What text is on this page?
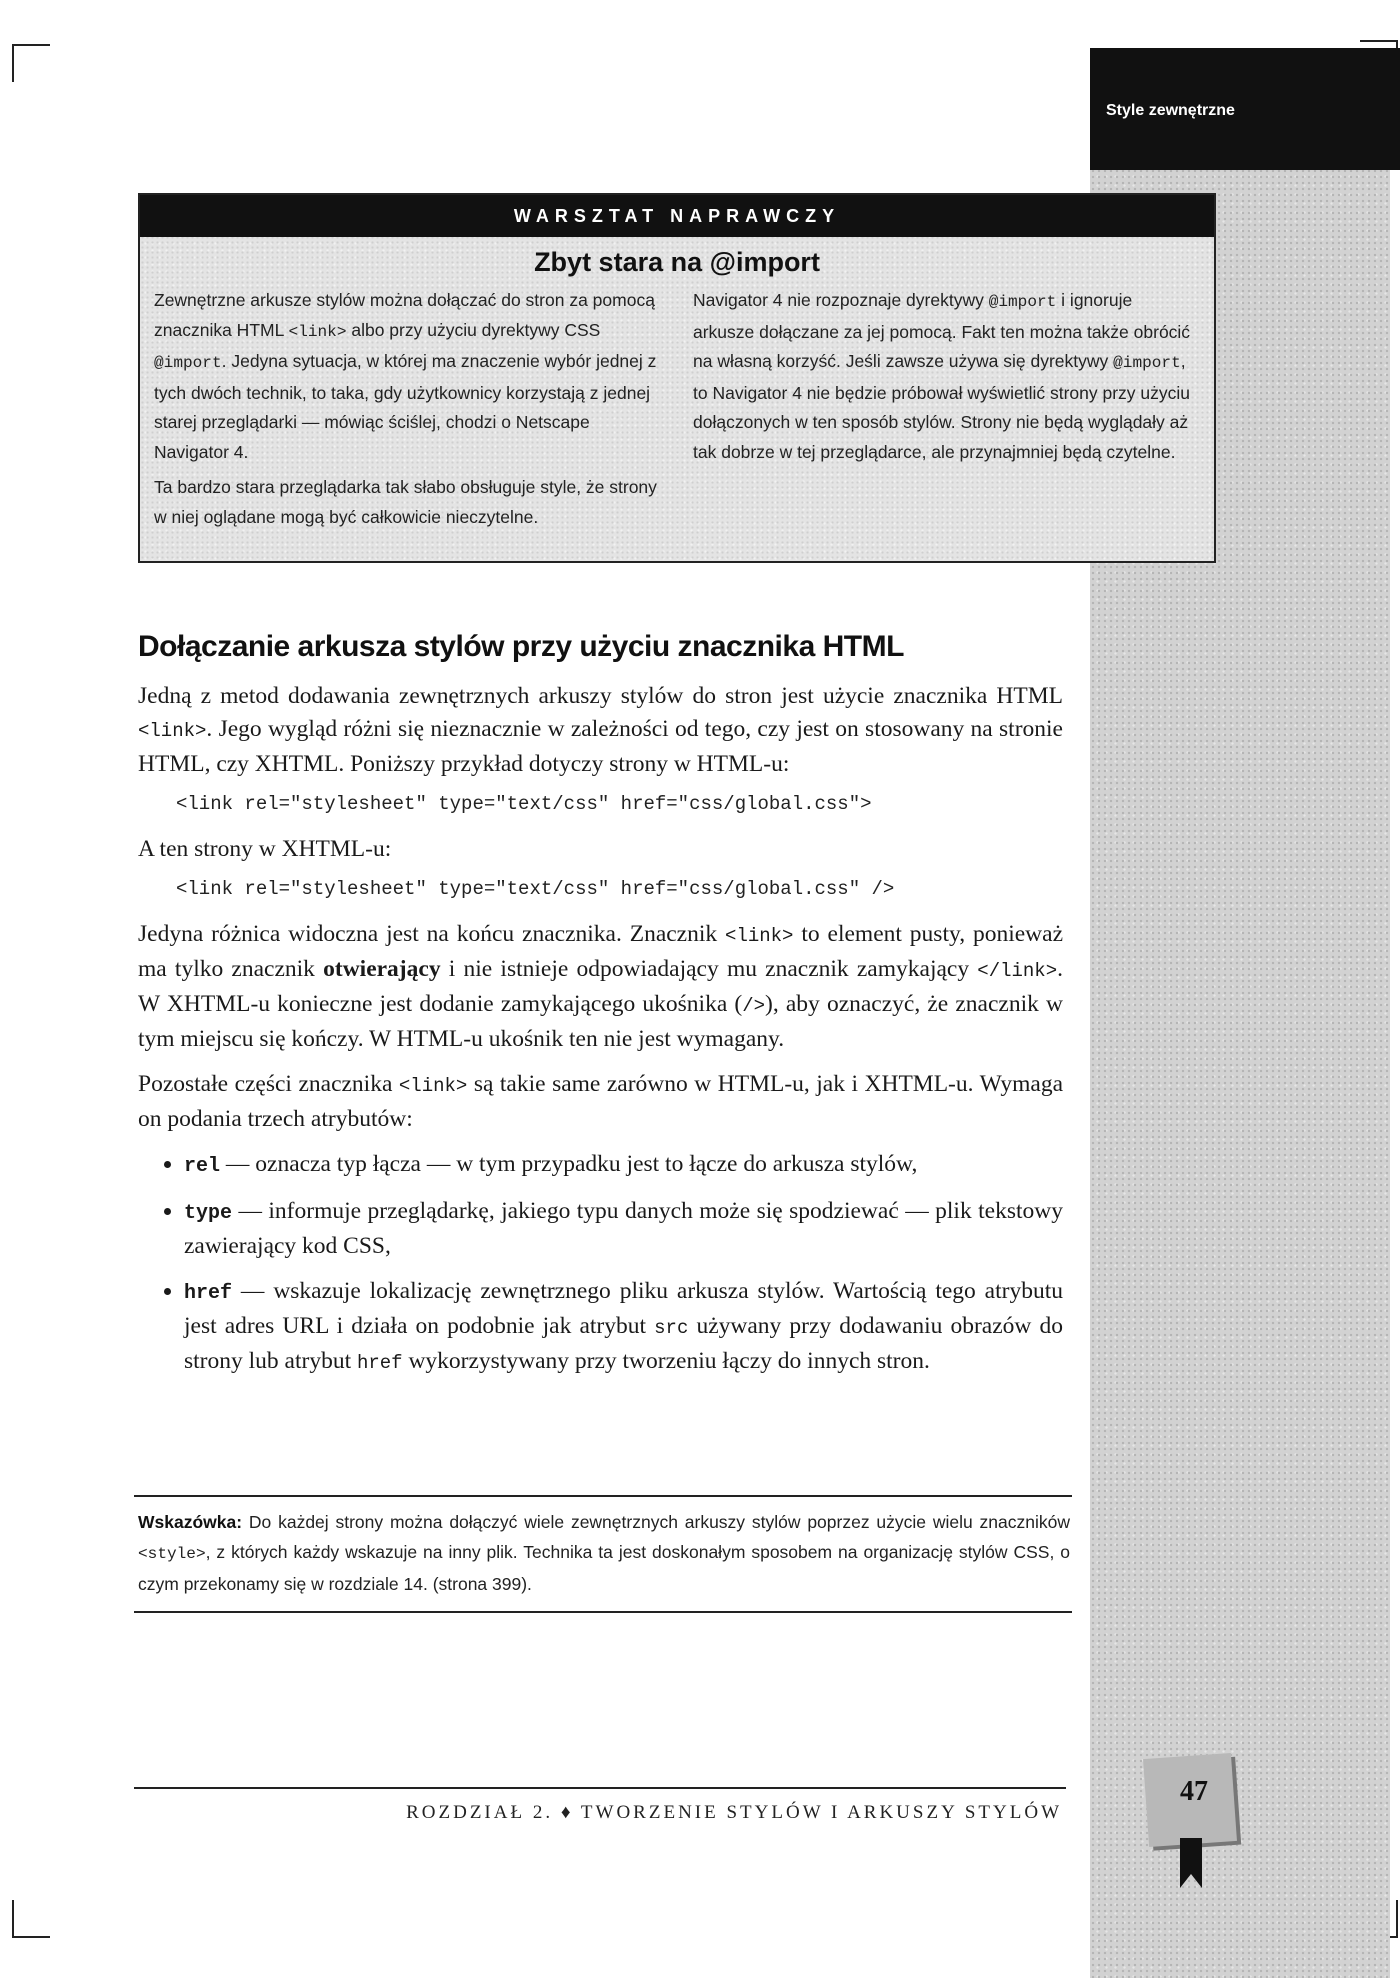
Style zewnętrzne
WARSZTAT NAPRAWCZY
Zbyt stara na @import

Zewnętrzne arkusze stylów można dołączać do stron za pomocą znacznika HTML <link> albo przy użyciu dyrektywy CSS @import. Jedyna sytuacja, w której ma znaczenie wybór jednej z tych dwóch technik, to taka, gdy użytkownicy korzystają z jednej starej przeglądarki — mówiąc ściślej, chodzi o Netscape Navigator 4.

Ta bardzo stara przeglądarka tak słabo obsługuje style, że strony w niej oglądane mogą być całkowicie nieczytelne.

Navigator 4 nie rozpoznaje dyrektywy @import i ignoruje arkusze dołączane za jej pomocą. Fakt ten można także obrócić na własną korzyść. Jeśli zawsze używa się dyrektywy @import, to Navigator 4 nie będzie próbował wyświetlić strony przy użyciu dołączonych w ten sposób stylów. Strony nie będą wyglądały aż tak dobrze w tej przeglądarce, ale przynajmniej będą czytelne.

Dołączanie arkusza stylów przy użyciu znacznika HTML

Jedną z metod dodawania zewnętrznych arkuszy stylów do stron jest użycie znacznika HTML <link>. Jego wygląd różni się nieznacznie w zależności od tego, czy jest on stosowany na stronie HTML, czy XHTML. Poniższy przykład dotyczy strony w HTML-u:

<link rel="stylesheet" type="text/css" href="css/global.css">

A ten strony w XHTML-u:

<link rel="stylesheet" type="text/css" href="css/global.css" />

Jedyna różnica widoczna jest na końcu znacznika. Znacznik <link> to element pusty, ponieważ ma tylko znacznik otwierający i nie istnieje odpowiadający mu znacznik zamykający </link>. W XHTML-u konieczne jest dodanie zamykającego ukośnika (/>), aby oznaczyć, że znacznik w tym miejscu się kończy. W HTML-u ukośnik ten nie jest wymagany.

Pozostałe części znacznika <link> są takie same zarówno w HTML-u, jak i XHTML-u. Wymaga on podania trzech atrybutów:

• rel — oznacza typ łącza — w tym przypadku jest to łącze do arkusza stylów,
• type — informuje przeglądarkę, jakiego typu danych może się spodziewać — plik tekstowy zawierający kod CSS,
• href — wskazuje lokalizację zewnętrznego pliku arkusza stylów. Wartością tego atrybutu jest adres URL i działa on podobnie jak atrybut src używany przy dodawaniu obrazów do strony lub atrybut href wykorzystywany przy tworzeniu łączy do innych stron.
Wskazówka: Do każdej strony można dołączyć wiele zewnętrznych arkuszy stylów poprzez użycie wielu znaczników <style>, z których każdy wskazuje na inny plik. Technika ta jest doskonałym sposobem na organizację stylów CSS, o czym przekonamy się w rozdziale 14. (strona 399).
ROZDZIAŁ 2. ♦ TWORZENIE STYLÓW I ARKUSZY STYLÓW
47
